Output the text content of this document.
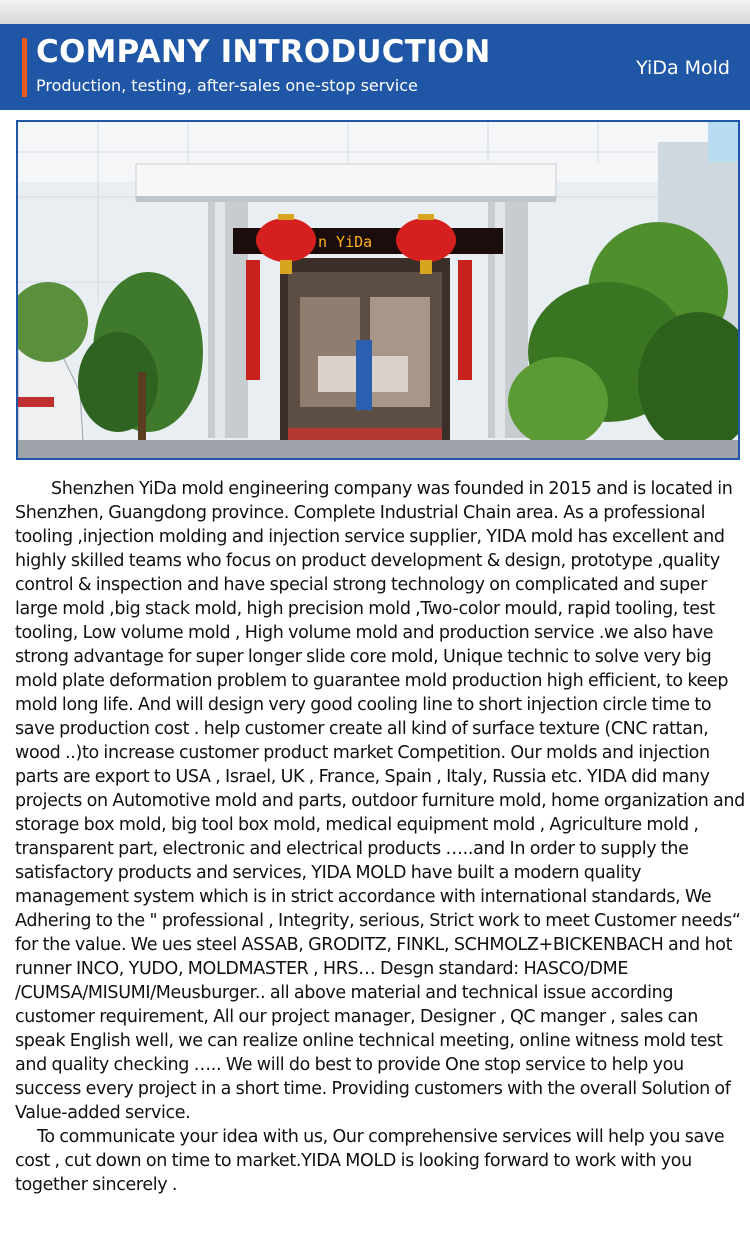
COMPANY INTRODUCTION
Production, testing, after-sales one-stop service
YiDa Mold
n YiDa

Shenzhen YiDa mold engineering company was founded in 2015 and is located in Shenzhen, Guangdong province. Complete Industrial Chain area. As a professional tooling ,injection molding and injection service supplier, YIDA mold has excellent and highly skilled teams who focus on product development & design, prototype ,quality control & inspection and have special strong technology on complicated and super large mold ,big stack mold, high precision mold ,Two-color mould, rapid tooling, test tooling, Low volume mold , High volume mold and production service .we also have strong advantage for super longer slide core mold, Unique technic to solve very big mold plate deformation problem to guarantee mold production high efficient, to keep mold long life. And will design very good cooling line to short injection circle time to save production cost . help customer create all kind of surface texture (CNC rattan, wood ..)to increase customer product market Competition. Our molds and injection parts are export to USA , Israel, UK , France, Spain , Italy, Russia etc. YIDA did many projects on Automotive mold and parts, outdoor furniture mold, home organization and storage box mold, big tool box mold, medical equipment mold , Agriculture mold , transparent part, electronic and electrical products …..and In order to supply the satisfactory products and services, YIDA MOLD have built a modern quality management system which is in strict accordance with international standards, We Adhering to the " professional , Integrity, serious, Strict work to meet Customer needs“ for the value. We ues steel ASSAB, GRODITZ, FINKL, SCHMOLZ+BICKENBACH and hot runner INCO, YUDO, MOLDMASTER , HRS… Desgn standard: HASCO/DME /CUMSA/MISUMI/Meusburger.. all above material and technical issue according customer requirement, All our project manager, Designer , QC manger , sales can speak English well, we can realize online technical meeting, online witness mold test and quality checking ….. We will do best to provide One stop service to help you success every project in a short time. Providing customers with the overall Solution of Value-added service.

To communicate your idea with us, Our comprehensive services will help you save cost , cut down on time to market.YIDA MOLD is looking forward to work with you together sincerely .
